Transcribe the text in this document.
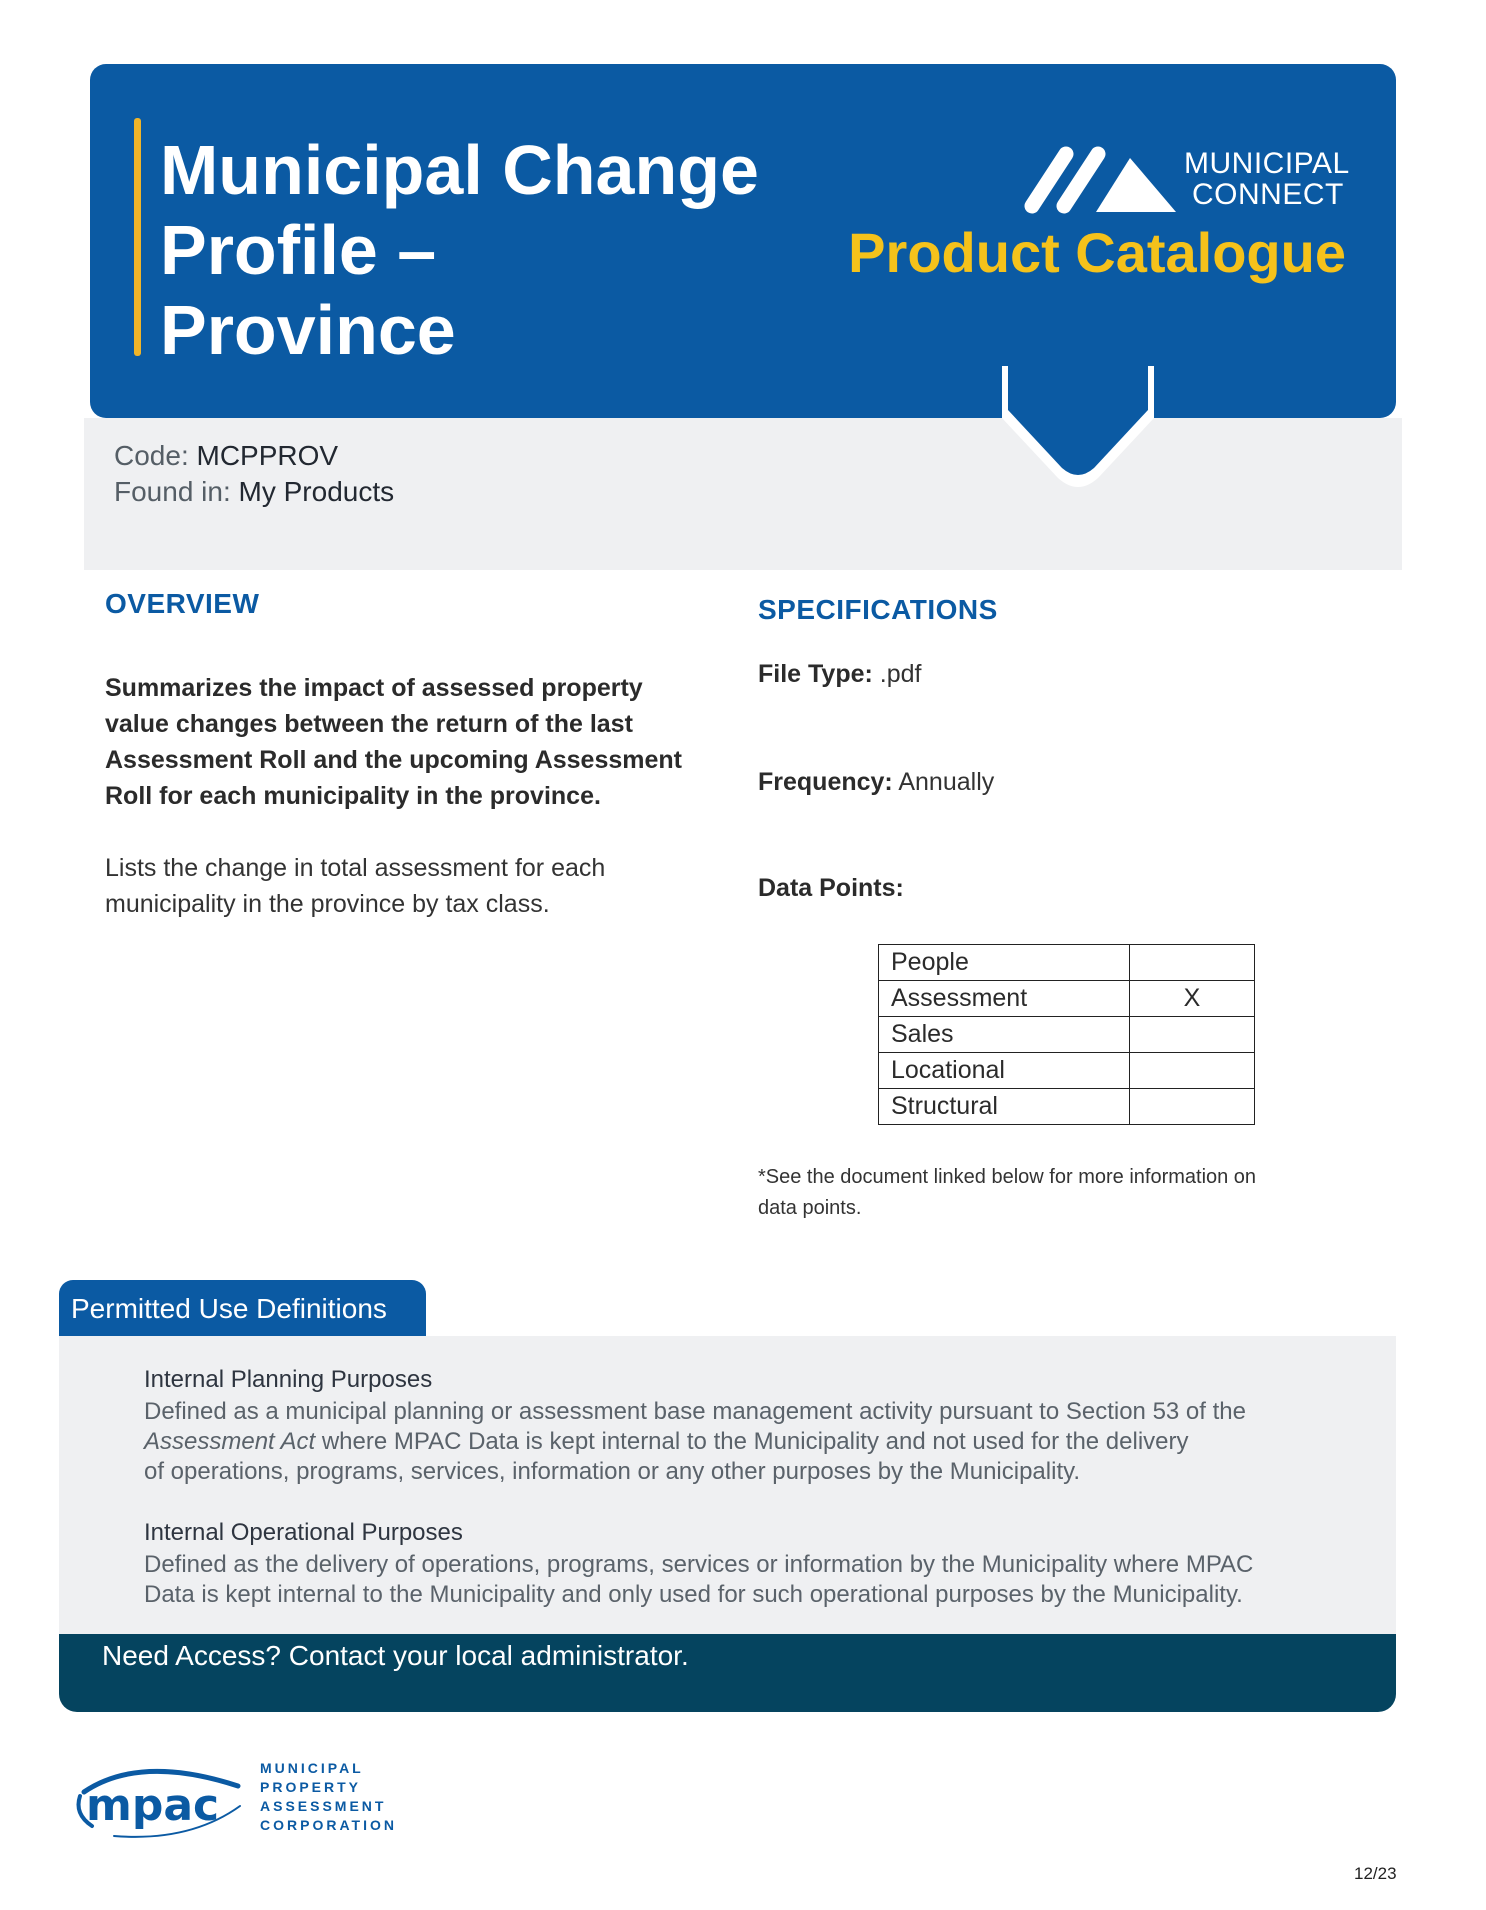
Municipal Change
Profile –
Province
MUNICIPAL
CONNECT
Product Catalogue
Code: MCPPROV
Found in: My Products
OVERVIEW
Summarizes the impact of assessed property
value changes between the return of the last
Assessment Roll and the upcoming Assessment
Roll for each municipality in the province.
Lists the change in total assessment for each
municipality in the province by tax class.
SPECIFICATIONS
File Type: .pdf
Frequency: Annually
Data Points:
People	
Assessment	X
Sales	
Locational	
Structural	
*See the document linked below for more information on
data points.
Permitted Use Definitions
Internal Planning Purposes
Defined as a municipal planning or assessment base management activity pursuant to Section 53 of the
Assessment Act where MPAC Data is kept internal to the Municipality and not used for the delivery
of operations, programs, services, information or any other purposes by the Municipality.
Internal Operational Purposes
Defined as the delivery of operations, programs, services or information by the Municipality where MPAC
Data is kept internal to the Municipality and only used for such operational purposes by the Municipality.
Need Access? Contact your local administrator.
mpac
MUNICIPAL
PROPERTY
ASSESSMENT
CORPORATION
12/23
